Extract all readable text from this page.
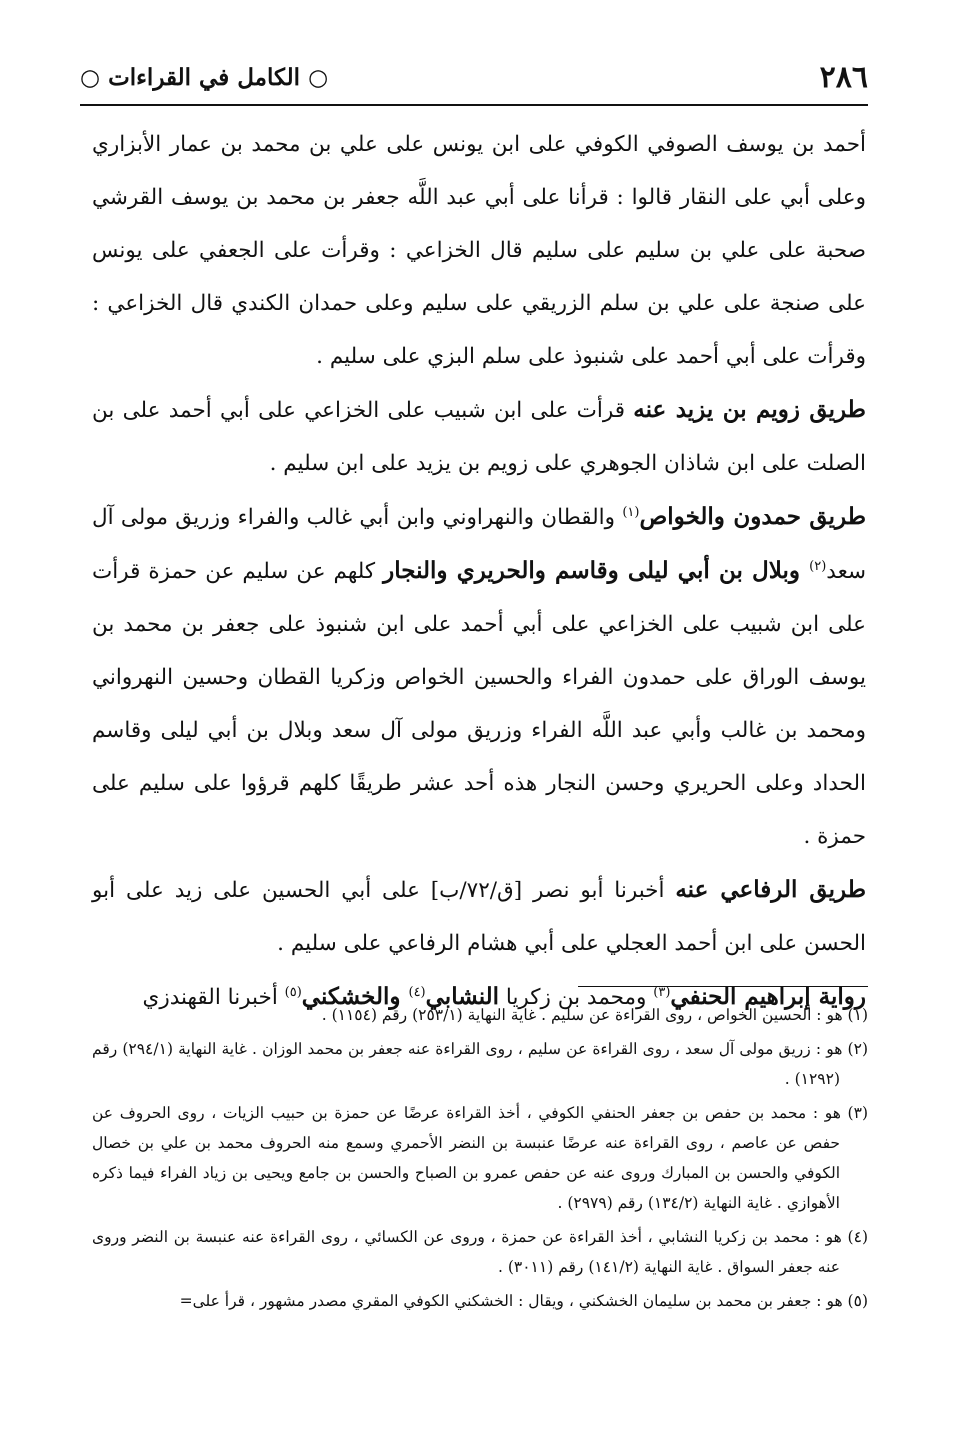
٢٨٦
○ الكامل في القراءات ○

أحمد بن يوسف الصوفي الكوفي على ابن يونس على علي بن محمد بن عمار الأبزاري وعلى أبي على النقار قالوا : قرأنا على أبي عبد اللَّه جعفر بن محمد بن يوسف القرشي صحبة على علي بن سليم على سليم قال الخزاعي : وقرأت على الجعفي على يونس على صنجة على علي بن سلم الزريقي على سليم وعلى حمدان الكندي قال الخزاعي : وقرأت على أبي أحمد على شنبوذ على سلم البزي على سليم .

طريق زويم بن يزيد عنه قرأت على ابن شبيب على الخزاعي على أبي أحمد على بن الصلت على ابن شاذان الجوهري على زويم بن يزيد على ابن سليم .

طريق حمدون والخواص$^{(١)}$ والقطان والنهراوني وابن أبي غالب والفراء وزريق مولى آل سعد$^{(٢)}$ وبلال بن أبي ليلى وقاسم والحريري والنجار كلهم عن سليم عن حمزة قرأت على ابن شبيب على الخزاعي على أبي أحمد على ابن شنبوذ على جعفر بن محمد بن يوسف الوراق على حمدون الفراء والحسين الخواص وزكريا القطان وحسين النهرواني ومحمد بن غالب وأبي عبد اللَّه الفراء وزريق مولى آل سعد وبلال بن أبي ليلى وقاسم الحداد وعلى الحريري وحسن النجار هذه أحد عشر طريقًا كلهم قرؤوا على سليم على حمزة .

طريق الرفاعي عنه أخبرنا أبو نصر [ق/٧٢/ب] على أبي الحسين على زيد على أبو الحسن على ابن أحمد العجلي على أبي هشام الرفاعي على سليم .

رواية إبراهيم الحنفي$^{(٣)}$ ومحمد بن زكريا النشابي$^{(٤)}$ والخشكني$^{(٥)}$ أخبرنا القهندزي

(١) هو : الحسين الخواص ، روى القراءة عن سليم . غاية النهاية (٢٥٣/١) رقم (١١٥٤) .

(٢) هو : زريق مولى آل سعد ، روى القراءة عن سليم ، روى القراءة عنه جعفر بن محمد الوزان . غاية النهاية (٢٩٤/١) رقم (١٢٩٢) .

(٣) هو : محمد بن حفص بن جعفر الحنفي الكوفي ، أخذ القراءة عرضًا عن حمزة بن حبيب الزيات ، روى الحروف عن حفص عن عاصم ، روى القراءة عنه عرضًا عنبسة بن النضر الأحمري وسمع منه الحروف محمد بن علي بن خصال الكوفي والحسن بن المبارك وروى عنه عن حفص عمرو بن الصباح والحسن بن جامع ويحيى بن زياد الفراء فيما ذكره الأهوازي . غاية النهاية (١٣٤/٢) رقم (٢٩٧٩) .

(٤) هو : محمد بن زكريا النشابي ، أخذ القراءة عن حمزة ، وروى عن الكسائي ، روى القراءة عنه عنبسة بن النضر وروى عنه جعفر السواق . غاية النهاية (١٤١/٢) رقم (٣٠١١) .

(٥) هو : جعفر بن محمد بن سليمان الخشكني ، ويقال : الخشكني الكوفي المقري مصدر مشهور ، قرأ على=
